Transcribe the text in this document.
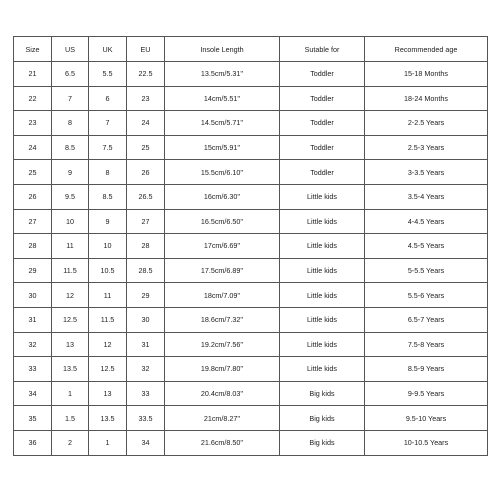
Size	US	UK	EU	Insole Length	Sutable for	Recommended age
21	6.5	5.5	22.5	13.5cm/5.31''	Toddler	15-18 Months
22	7	6	23	14cm/5.51''	Toddler	18-24 Months
23	8	7	24	14.5cm/5.71''	Toddler	2-2.5 Years
24	8.5	7.5	25	15cm/5.91''	Toddler	2.5-3 Years
25	9	8	26	15.5cm/6.10''	Toddler	3-3.5 Years
26	9.5	8.5	26.5	16cm/6.30''	Little kids	3.5-4 Years
27	10	9	27	16.5cm/6.50''	Little kids	4-4.5 Years
28	11	10	28	17cm/6.69''	Little kids	4.5-5 Years
29	11.5	10.5	28.5	17.5cm/6.89''	Little kids	5-5.5 Years
30	12	11	29	18cm/7.09''	Little kids	5.5-6 Years
31	12.5	11.5	30	18.6cm/7.32''	Little kids	6.5-7 Years
32	13	12	31	19.2cm/7.56''	Little kids	7.5-8 Years
33	13.5	12.5	32	19.8cm/7.80''	Little kids	8.5-9 Years
34	1	13	33	20.4cm/8.03''	Big kids	9-9.5 Years
35	1.5	13.5	33.5	21cm/8.27''	Big kids	9.5-10 Years
36	2	1	34	21.6cm/8.50''	Big kids	10-10.5 Years
